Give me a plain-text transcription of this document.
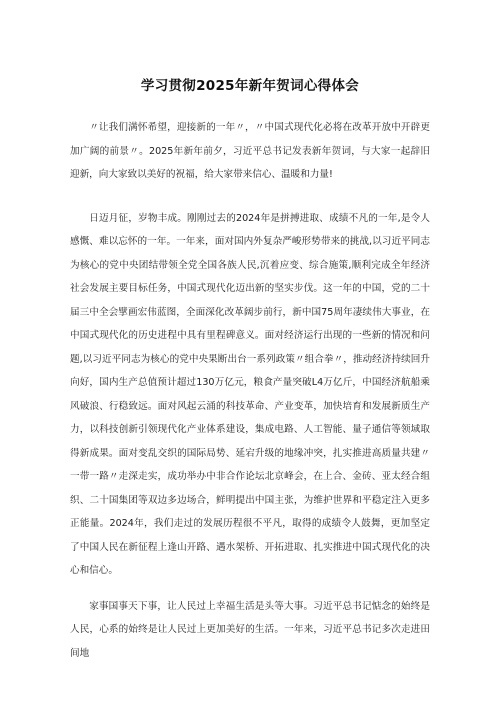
学习贯彻2025年新年贺词心得体会

〃让我们满怀希望，迎接新的一年〃，〃中国式现代化必将在改革开放中开辟更加广阔的前景〃。2025年新年前夕，习近平总书记发表新年贺词，与大家一起辞旧迎新，向大家致以美好的祝福，给大家带来信心、温暖和力量!

日迈月征，岁物丰成。刚刚过去的2024年是拼搏进取、成绩不凡的一年,是令人感慨、难以忘怀的一年。一年来，面对国内外复杂严峻形势带来的挑战,以习近平同志为核心的党中央团结带领全党全国各族人民,沉着应变、综合施策,顺利完成全年经济社会发展主要目标任务，中国式现代化迈出新的坚实步伐。这一年的中国，党的二十届三中全会擘画宏伟蓝图，全面深化改革阔步前行，新中国75周年凄续伟大事业，在中国式现代化的历史进程中具有里程碑意义。面对经济运行出现的一些新的情况和问题,以习近平同志为核心的党中央果断出台一系列政策〃组合拳〃，推动经济持续回升向好，国内生产总值预计超过130万亿元，粮食产量突破L4万亿斤，中国经济航船乘风破浪、行稳致远。面对风起云涌的科技革命、产业变革，加快培育和发展新质生产力，以科技创新引领现代化产业体系建设，集成电路、人工智能、量子通信等领域取得新成果。面对变乱交织的国际局势、延宕升级的地缘冲突，扎实推进高质量共建〃一带一路〃走深走实，成功举办中非合作论坛北京峰会，在上合、金砖、亚太经合组织、二十国集团等双边多边场合，鲜明提出中国主张，为维护世界和平稳定注入更多正能量。2024年，我们走过的发展历程很不平凡，取得的成绩令人鼓舞，更加坚定了中国人民在新征程上逢山开路、遇水架桥、开拓进取、扎实推进中国式现代化的决心和信心。

家事国事天下事，让人民过上幸福生活是头等大事。习近平总书记惦念的始终是人民，心系的始终是让人民过上更加美好的生活。一年来，习近平总书记多次走进田间地
